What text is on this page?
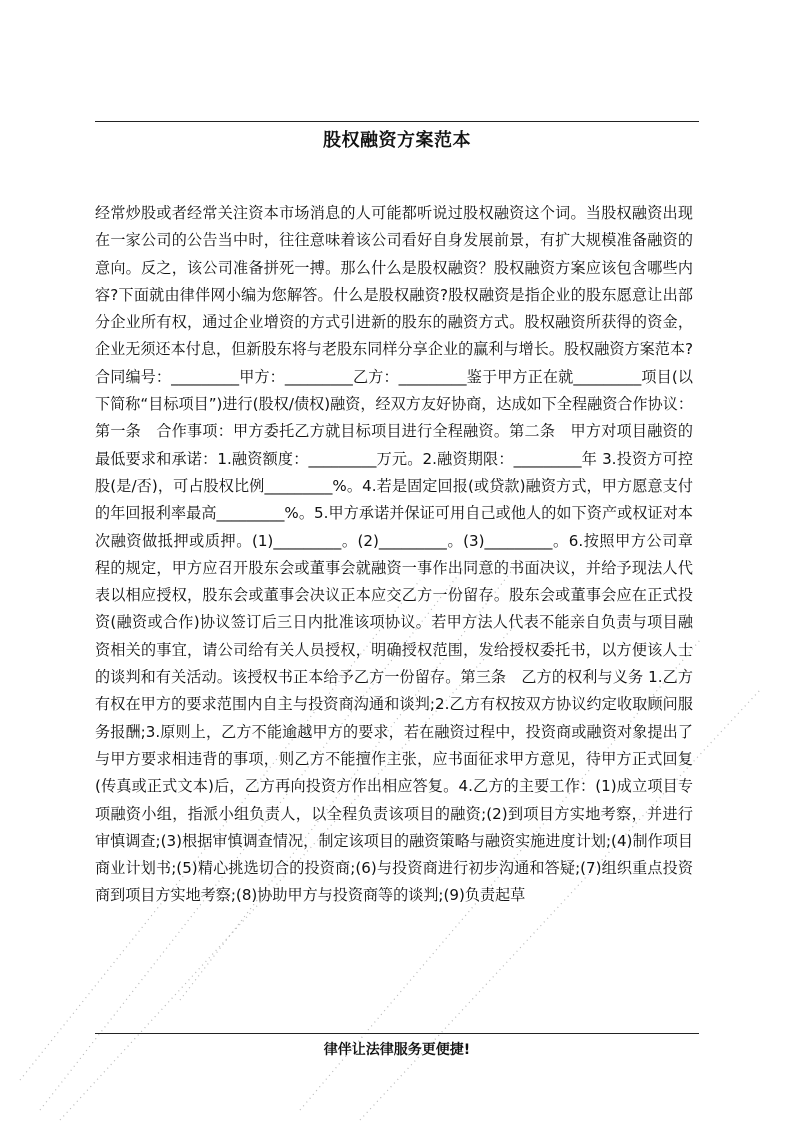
股权融资方案范本

经常炒股或者经常关注资本市场消息的人可能都听说过股权融资这个词。当股权融资出现在一家公司的公告当中时，往往意味着该公司看好自身发展前景，有扩大规模准备融资的意向。反之，该公司准备拼死一搏。那么什么是股权融资？股权融资方案应该包含哪些内容?下面就由律伴网小编为您解答。什么是股权融资?股权融资是指企业的股东愿意让出部分企业所有权，通过企业增资的方式引进新的股东的融资方式。股权融资所获得的资金，企业无须还本付息，但新股东将与老股东同样分享企业的赢利与增长。股权融资方案范本?合同编号：_________甲方：_________乙方：_________鉴于甲方正在就_________项目(以下简称“目标项目”)进行(股权/债权)融资，经双方友好协商，达成如下全程融资合作协议：第一条　合作事项：甲方委托乙方就目标项目进行全程融资。第二条　甲方对项目融资的最低要求和承诺：1.融资额度：_________万元。2.融资期限：_________年 3.投资方可控股(是/否)，可占股权比例_________%。4.若是固定回报(或贷款)融资方式，甲方愿意支付的年回报利率最高_________%。5.甲方承诺并保证可用自己或他人的如下资产或权证对本次融资做抵押或质押。(1)_________。(2)_________。(3)_________。6.按照甲方公司章程的规定，甲方应召开股东会或董事会就融资一事作出同意的书面决议，并给予现法人代表以相应授权，股东会或董事会决议正本应交乙方一份留存。股东会或董事会应在正式投资(融资或合作)协议签订后三日内批准该项协议。若甲方法人代表不能亲自负责与项目融资相关的事宜，请公司给有关人员授权，明确授权范围，发给授权委托书，以方便该人士的谈判和有关活动。该授权书正本给予乙方一份留存。第三条　乙方的权利与义务 1.乙方有权在甲方的要求范围内自主与投资商沟通和谈判;2.乙方有权按双方协议约定收取顾问服务报酬;3.原则上，乙方不能逾越甲方的要求，若在融资过程中，投资商或融资对象提出了与甲方要求相违背的事项，则乙方不能擅作主张，应书面征求甲方意见，待甲方正式回复(传真或正式文本)后，乙方再向投资方作出相应答复。4.乙方的主要工作：(1)成立项目专项融资小组，指派小组负责人，以全程负责该项目的融资;(2)到项目方实地考察，并进行审慎调查;(3)根据审慎调查情况，制定该项目的融资策略与融资实施进度计划;(4)制作项目商业计划书;(5)精心挑选切合的投资商;(6)与投资商进行初步沟通和答疑;(7)组织重点投资商到项目方实地考察;(8)协助甲方与投资商等的谈判;(9)负责起草

律伴让法律服务更便捷!
